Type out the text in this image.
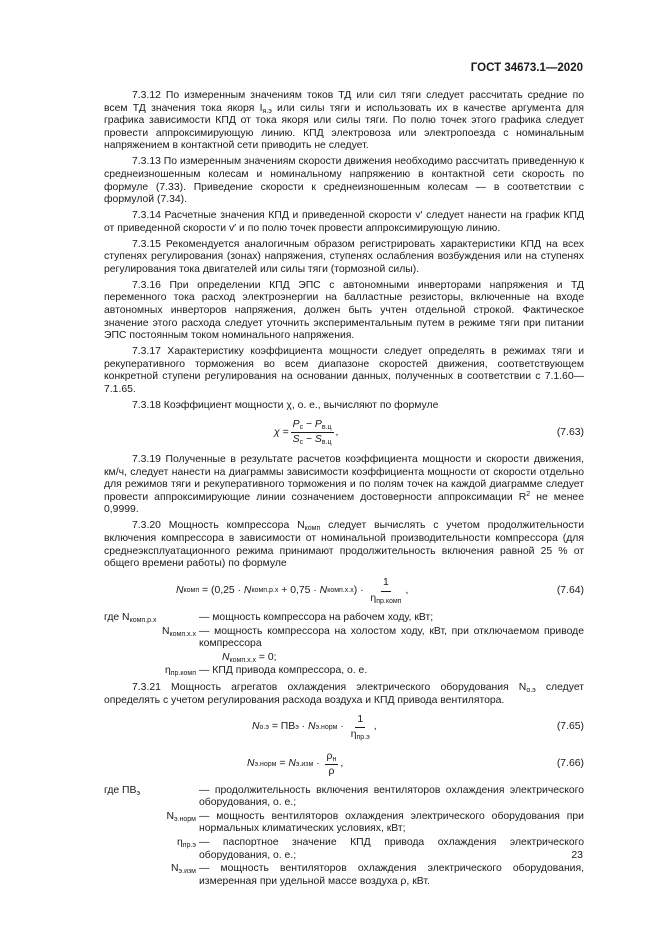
ГОСТ 34673.1—2020

7.3.12 По измеренным значениям токов ТД или сил тяги следует рассчитать средние по всем ТД значения тока якоря $I_{я.э}$ или силы тяги и использовать их в качестве аргумента для графика зависимости КПД от тока якоря или силы тяги. По полю точек этого графика следует провести аппроксимирующую линию. КПД электровоза или электропоезда с номинальным напряжением в контактной сети приводить не следует.

7.3.13 По измеренным значениям скорости движения необходимо рассчитать приведенную к среднеизношенным колесам и номинальному напряжению в контактной сети скорость по формуле (7.33). Приведение скорости к среднеизношенным колесам — в соответствии с формулой (7.34).

7.3.14 Расчетные значения КПД и приведенной скорости v′ следует нанести на график КПД от приведенной скорости v′ и по полю точек провести аппроксимирующую линию.

7.3.15 Рекомендуется аналогичным образом регистрировать характеристики КПД на всех ступенях регулирования (зонах) напряжения, ступенях ослабления возбуждения или на ступенях регулирования тока двигателей или силы тяги (тормозной силы).

7.3.16 При определении КПД ЭПС с автономными инверторами напряжения и ТД переменного тока расход электроэнергии на балластные резисторы, включенные на входе автономных инверторов напряжения, должен быть учтен отдельной строкой. Фактическое значение этого расхода следует уточнить экспериментальным путем в режиме тяги при питании ЭПС постоянным током номинального напряжения.

7.3.17 Характеристику коэффициента мощности следует определять в режимах тяги и рекуперативного торможения во всем диапазоне скоростей движения, соответствующем конкретной ступени регулирования на основании данных, полученных в соответствии с 7.1.60—7.1.65.

7.3.18 Коэффициент мощности χ, о. е., вычисляют по формуле

$\chi = \frac{P_с - P_{в.ц}}{S_с - S_{в.ц}}$ ,	(7.63)

7.3.19 Полученные в результате расчетов коэффициента мощности и скорости движения, км/ч, следует нанести на диаграммы зависимости коэффициента мощности от скорости отдельно для режимов тяги и рекуперативного торможения и по полям точек на каждой диаграмме следует провести аппроксимирующие линии созначением достоверности аппроксимации $R^2$ не менее 0,9999.

7.3.20 Мощность компрессора $N_{комп}$ следует вычислять с учетом продолжительности включения компрессора в зависимости от номинальной производительности компрессора (для среднеэксплуатационного режима принимают продолжительность включения равной 25 % от общего времени работы) по формуле

N комп = (0,25 · N комп.р.х + 0,75 · N комп.х.х ) · $\frac{1}{\eta_{пр.комп}}$ ,	(7.64)
где $N_{комп.р.х}$	— мощность компрессора на рабочем ходу, кВт;
$N_{комп.х.х}$ — мощность компрессора на холостом ходу, кВт, при отключаемом приводе компрессора
$N_{комп.х.х} = 0$;
$\eta_{пр.комп}$ — КПД привода компрессора, о. е.

7.3.21 Мощность агрегатов охлаждения электрического оборудования $N_{о.э}$ следует определять с учетом регулирования расхода воздуха и КПД привода вентилятора.

N о.э = ПВ э · N э.норм · $\frac{1}{\eta_{пр.э}}$ ,	(7.65)
N э.норм = N $э.изм \cdot \frac{\rho_н}{\rho}$ ,	(7.66)
где $ПВ_э$	— продолжительность включения вентиляторов охлаждения электрического оборудования, о. е.;
$N_{э.норм}$ — мощность вентиляторов охлаждения электрического оборудования при нормальных климатических условиях, кВт;
$\eta_{пр.э}$ — паспортное значение КПД привода охлаждения электрического оборудования, о. е.;
$N_{э.изм}$ — мощность вентиляторов охлаждения электрического оборудования, измеренная при удельной массе воздуха ρ, кВт.
23
